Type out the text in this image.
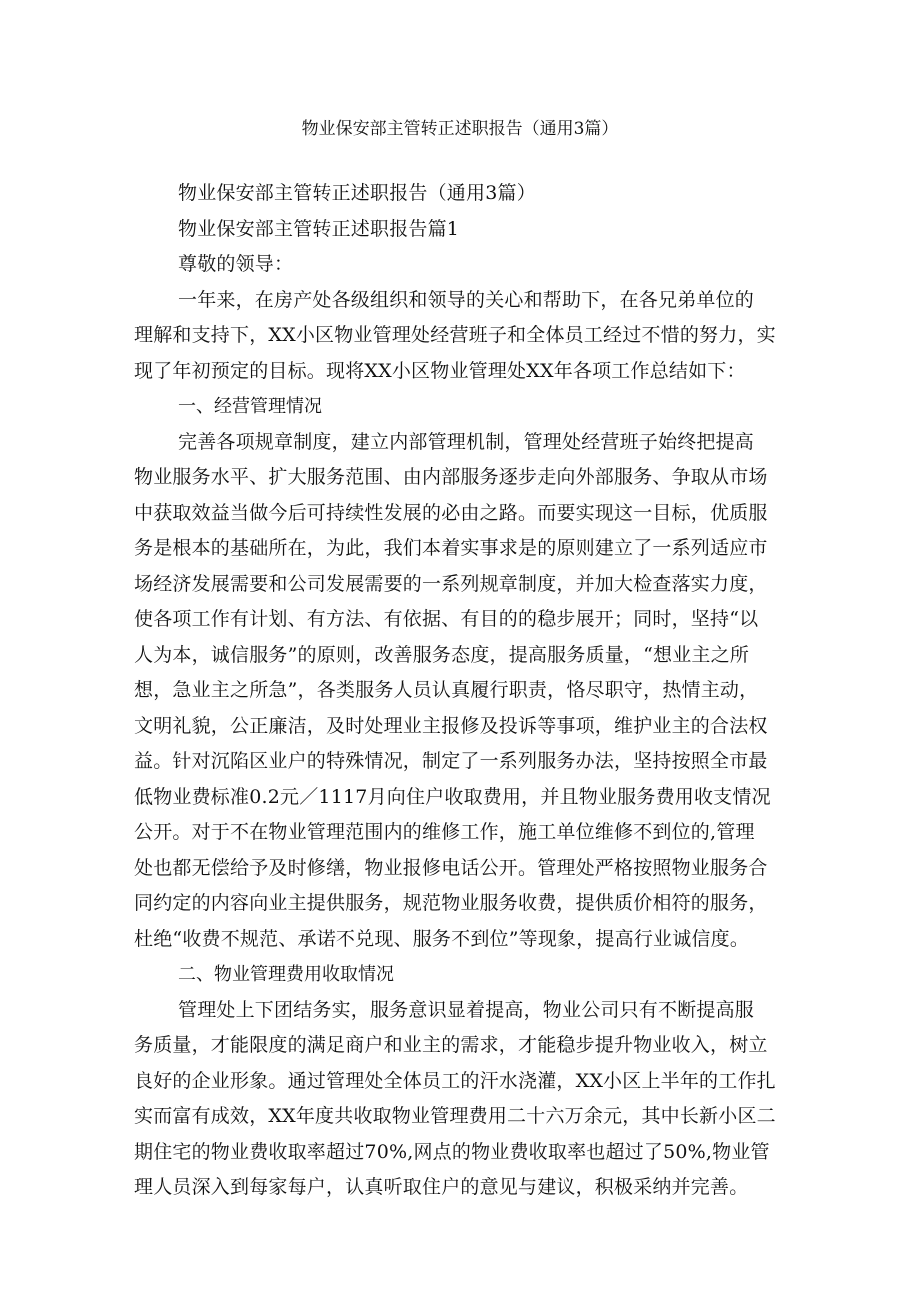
物业保安部主管转正述职报告（通用3篇）

物业保安部主管转正述职报告（通用3篇）

物业保安部主管转正述职报告篇1

尊敬的领导：

一年来，在房产处各级组织和领导的关心和帮助下，在各兄弟单位的

理解和支持下，XX小区物业管理处经营班子和全体员工经过不惜的努力，实

现了年初预定的目标。现将XX小区物业管理处XX年各项工作总结如下：

一、经营管理情况

完善各项规章制度，建立内部管理机制，管理处经营班子始终把提高

物业服务水平、扩大服务范围、由内部服务逐步走向外部服务、争取从市场

中获取效益当做今后可持续性发展的必由之路。而要实现这一目标，优质服

务是根本的基础所在，为此，我们本着实事求是的原则建立了一系列适应市

场经济发展需要和公司发展需要的一系列规章制度，并加大检查落实力度，

使各项工作有计划、有方法、有依据、有目的的稳步展开；同时，坚持“以

人为本，诚信服务”的原则，改善服务态度，提高服务质量，“想业主之所

想，急业主之所急”，各类服务人员认真履行职责，恪尽职守，热情主动，

文明礼貌，公正廉洁，及时处理业主报修及投诉等事项，维护业主的合法权

益。针对沉陷区业户的特殊情况，制定了一系列服务办法，坚持按照全市最

低物业费标准0.2元／1117月向住户收取费用，并且物业服务费用收支情况

公开。对于不在物业管理范围内的维修工作，施工单位维修不到位的,管理

处也都无偿给予及时修缮，物业报修电话公开。管理处严格按照物业服务合

同约定的内容向业主提供服务，规范物业服务收费，提供质价相符的服务，

杜绝“收费不规范、承诺不兑现、服务不到位”等现象，提高行业诚信度。

二、物业管理费用收取情况

管理处上下团结务实，服务意识显着提高，物业公司只有不断提高服

务质量，才能限度的满足商户和业主的需求，才能稳步提升物业收入，树立

良好的企业形象。通过管理处全体员工的汗水浇灌，XX小区上半年的工作扎

实而富有成效，XX年度共收取物业管理费用二十六万余元，其中长新小区二

期住宅的物业费收取率超过70%,网点的物业费收取率也超过了50%,物业管

理人员深入到每家每户，认真听取住户的意见与建议，积极采纳并完善。
